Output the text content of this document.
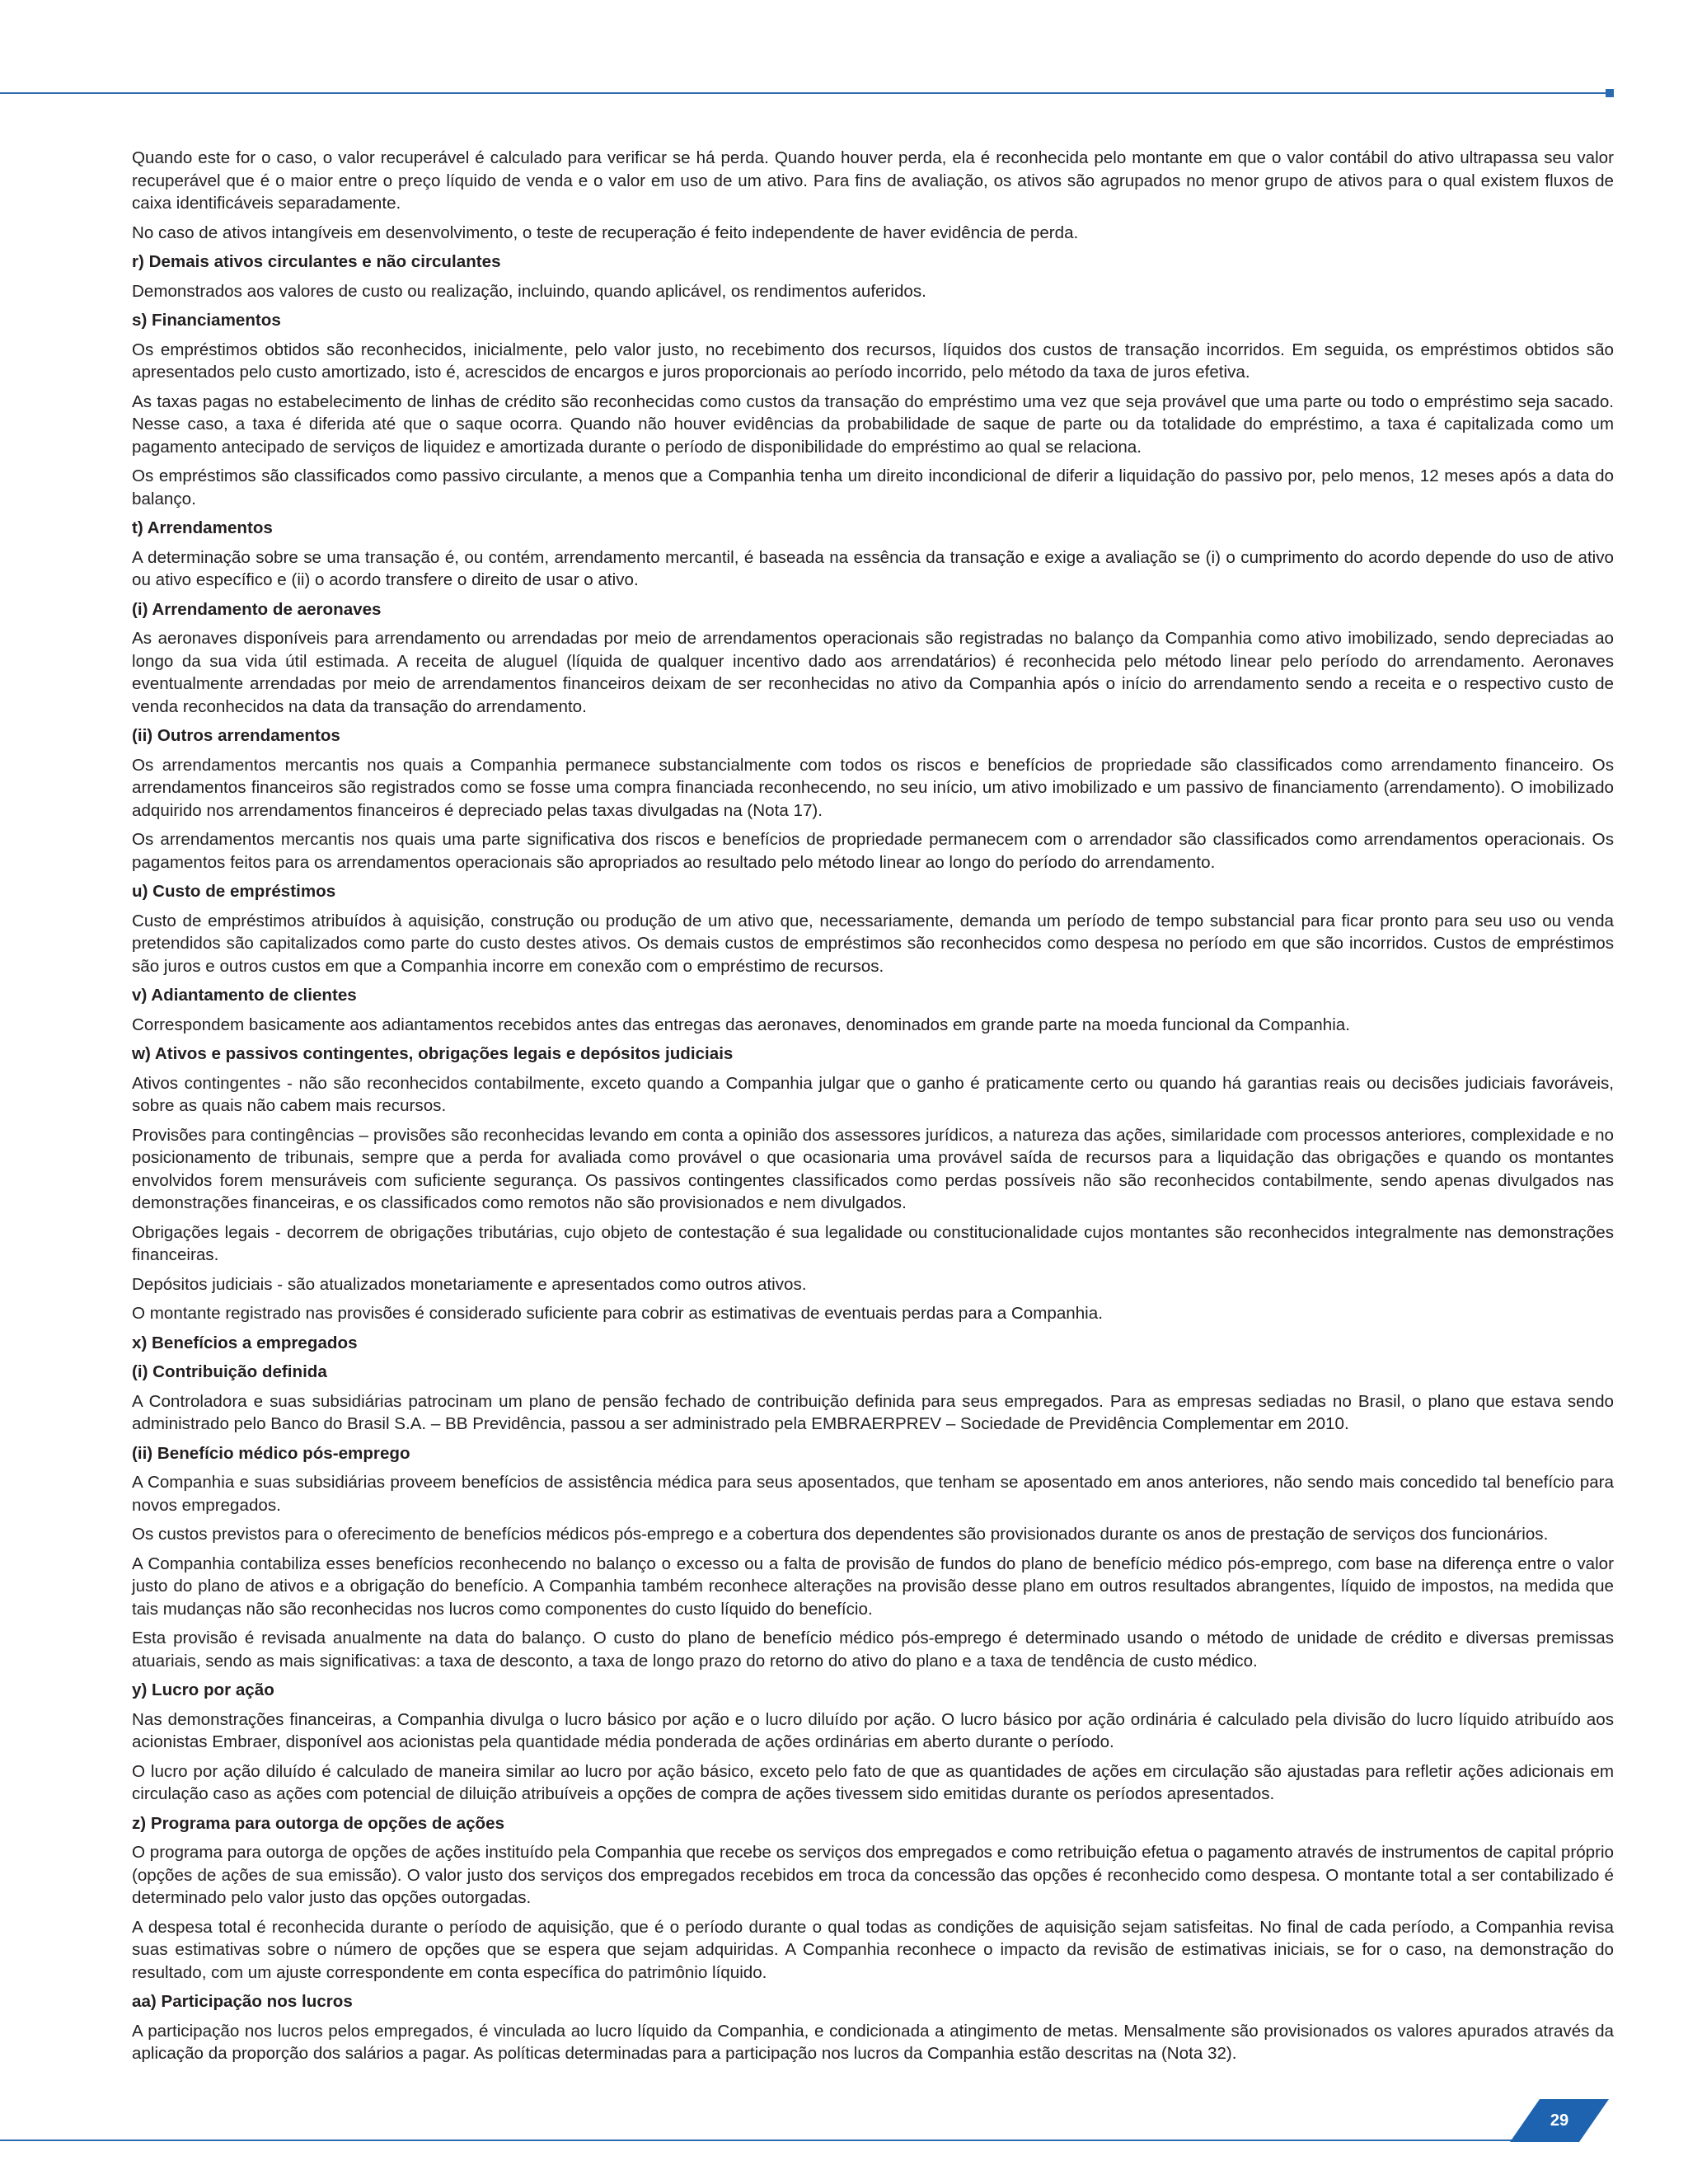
Quando este for o caso, o valor recuperável é calculado para verificar se há perda. Quando houver perda, ela é reconhecida pelo montante em que o valor contábil do ativo ultrapassa seu valor recuperável que é o maior entre o preço líquido de venda e o valor em uso de um ativo. Para fins de avaliação, os ativos são agrupados no menor grupo de ativos para o qual existem fluxos de caixa identificáveis separadamente.

No caso de ativos intangíveis em desenvolvimento, o teste de recuperação é feito independente de haver evidência de perda.

r) Demais ativos circulantes e não circulantes

Demonstrados aos valores de custo ou realização, incluindo, quando aplicável, os rendimentos auferidos.

s) Financiamentos

Os empréstimos obtidos são reconhecidos, inicialmente, pelo valor justo, no recebimento dos recursos, líquidos dos custos de transação incorridos. Em seguida, os empréstimos obtidos são apresentados pelo custo amortizado, isto é, acrescidos de encargos e juros proporcionais ao período incorrido, pelo método da taxa de juros efetiva.

As taxas pagas no estabelecimento de linhas de crédito são reconhecidas como custos da transação do empréstimo uma vez que seja provável que uma parte ou todo o empréstimo seja sacado. Nesse caso, a taxa é diferida até que o saque ocorra. Quando não houver evidências da probabilidade de saque de parte ou da totalidade do empréstimo, a taxa é capitalizada como um pagamento antecipado de serviços de liquidez e amortizada durante o período de disponibilidade do empréstimo ao qual se relaciona.

Os empréstimos são classificados como passivo circulante, a menos que a Companhia tenha um direito incondicional de diferir a liquidação do passivo por, pelo menos, 12 meses após a data do balanço.

t) Arrendamentos

A determinação sobre se uma transação é, ou contém, arrendamento mercantil, é baseada na essência da transação e exige a avaliação se (i) o cumprimento do acordo depende do uso de ativo ou ativo específico e (ii) o acordo transfere o direito de usar o ativo.

(i) Arrendamento de aeronaves

As aeronaves disponíveis para arrendamento ou arrendadas por meio de arrendamentos operacionais são registradas no balanço da Companhia como ativo imobilizado, sendo depreciadas ao longo da sua vida útil estimada. A receita de aluguel (líquida de qualquer incentivo dado aos arrendatários) é reconhecida pelo método linear pelo período do arrendamento. Aeronaves eventualmente arrendadas por meio de arrendamentos financeiros deixam de ser reconhecidas no ativo da Companhia após o início do arrendamento sendo a receita e o respectivo custo de venda reconhecidos na data da transação do arrendamento.

(ii) Outros arrendamentos

Os arrendamentos mercantis nos quais a Companhia permanece substancialmente com todos os riscos e benefícios de propriedade são classificados como arrendamento financeiro. Os arrendamentos financeiros são registrados como se fosse uma compra financiada reconhecendo, no seu início, um ativo imobilizado e um passivo de financiamento (arrendamento). O imobilizado adquirido nos arrendamentos financeiros é depreciado pelas taxas divulgadas na (Nota 17).

Os arrendamentos mercantis nos quais uma parte significativa dos riscos e benefícios de propriedade permanecem com o arrendador são classificados como arrendamentos operacionais. Os pagamentos feitos para os arrendamentos operacionais são apropriados ao resultado pelo método linear ao longo do período do arrendamento.

u) Custo de empréstimos

Custo de empréstimos atribuídos à aquisição, construção ou produção de um ativo que, necessariamente, demanda um período de tempo substancial para ficar pronto para seu uso ou venda pretendidos são capitalizados como parte do custo destes ativos. Os demais custos de empréstimos são reconhecidos como despesa no período em que são incorridos. Custos de empréstimos são juros e outros custos em que a Companhia incorre em conexão com o empréstimo de recursos.

v) Adiantamento de clientes

Correspondem basicamente aos adiantamentos recebidos antes das entregas das aeronaves, denominados em grande parte na moeda funcional da Companhia.

w) Ativos e passivos contingentes, obrigações legais e depósitos judiciais

Ativos contingentes - não são reconhecidos contabilmente, exceto quando a Companhia julgar que o ganho é praticamente certo ou quando há garantias reais ou decisões judiciais favoráveis, sobre as quais não cabem mais recursos.

Provisões para contingências – provisões são reconhecidas levando em conta a opinião dos assessores jurídicos, a natureza das ações, similaridade com processos anteriores, complexidade e no posicionamento de tribunais, sempre que a perda for avaliada como provável o que ocasionaria uma provável saída de recursos para a liquidação das obrigações e quando os montantes envolvidos forem mensuráveis com suficiente segurança. Os passivos contingentes classificados como perdas possíveis não são reconhecidos contabilmente, sendo apenas divulgados nas demonstrações financeiras, e os classificados como remotos não são provisionados e nem divulgados.

Obrigações legais - decorrem de obrigações tributárias, cujo objeto de contestação é sua legalidade ou constitucionalidade cujos montantes são reconhecidos integralmente nas demonstrações financeiras.

Depósitos judiciais - são atualizados monetariamente e apresentados como outros ativos.

O montante registrado nas provisões é considerado suficiente para cobrir as estimativas de eventuais perdas para a Companhia.

x) Benefícios a empregados
(i) Contribuição definida

A Controladora e suas subsidiárias patrocinam um plano de pensão fechado de contribuição definida para seus empregados. Para as empresas sediadas no Brasil, o plano que estava sendo administrado pelo Banco do Brasil S.A. – BB Previdência, passou a ser administrado pela EMBRAERPREV – Sociedade de Previdência Complementar em 2010.

(ii) Benefício médico pós-emprego

A Companhia e suas subsidiárias proveem benefícios de assistência médica para seus aposentados, que tenham se aposentado em anos anteriores, não sendo mais concedido tal benefício para novos empregados.

Os custos previstos para o oferecimento de benefícios médicos pós-emprego e a cobertura dos dependentes são provisionados durante os anos de prestação de serviços dos funcionários.

A Companhia contabiliza esses benefícios reconhecendo no balanço o excesso ou a falta de provisão de fundos do plano de benefício médico pós-emprego, com base na diferença entre o valor justo do plano de ativos e a obrigação do benefício. A Companhia também reconhece alterações na provisão desse plano em outros resultados abrangentes, líquido de impostos, na medida que tais mudanças não são reconhecidas nos lucros como componentes do custo líquido do benefício.

Esta provisão é revisada anualmente na data do balanço. O custo do plano de benefício médico pós-emprego é determinado usando o método de unidade de crédito e diversas premissas atuariais, sendo as mais significativas: a taxa de desconto, a taxa de longo prazo do retorno do ativo do plano e a taxa de tendência de custo médico.

y) Lucro por ação

Nas demonstrações financeiras, a Companhia divulga o lucro básico por ação e o lucro diluído por ação. O lucro básico por ação ordinária é calculado pela divisão do lucro líquido atribuído aos acionistas Embraer, disponível aos acionistas pela quantidade média ponderada de ações ordinárias em aberto durante o período.

O lucro por ação diluído é calculado de maneira similar ao lucro por ação básico, exceto pelo fato de que as quantidades de ações em circulação são ajustadas para refletir ações adicionais em circulação caso as ações com potencial de diluição atribuíveis a opções de compra de ações tivessem sido emitidas durante os períodos apresentados.

z) Programa para outorga de opções de ações

O programa para outorga de opções de ações instituído pela Companhia que recebe os serviços dos empregados e como retribuição efetua o pagamento através de instrumentos de capital próprio (opções de ações de sua emissão). O valor justo dos serviços dos empregados recebidos em troca da concessão das opções é reconhecido como despesa. O montante total a ser contabilizado é determinado pelo valor justo das opções outorgadas.

A despesa total é reconhecida durante o período de aquisição, que é o período durante o qual todas as condições de aquisição sejam satisfeitas. No final de cada período, a Companhia revisa suas estimativas sobre o número de opções que se espera que sejam adquiridas. A Companhia reconhece o impacto da revisão de estimativas iniciais, se for o caso, na demonstração do resultado, com um ajuste correspondente em conta específica do patrimônio líquido.

aa) Participação nos lucros

A participação nos lucros pelos empregados, é vinculada ao lucro líquido da Companhia, e condicionada a atingimento de metas. Mensalmente são provisionados os valores apurados através da aplicação da proporção dos salários a pagar. As políticas determinadas para a participação nos lucros da Companhia estão descritas na (Nota 32).

29
